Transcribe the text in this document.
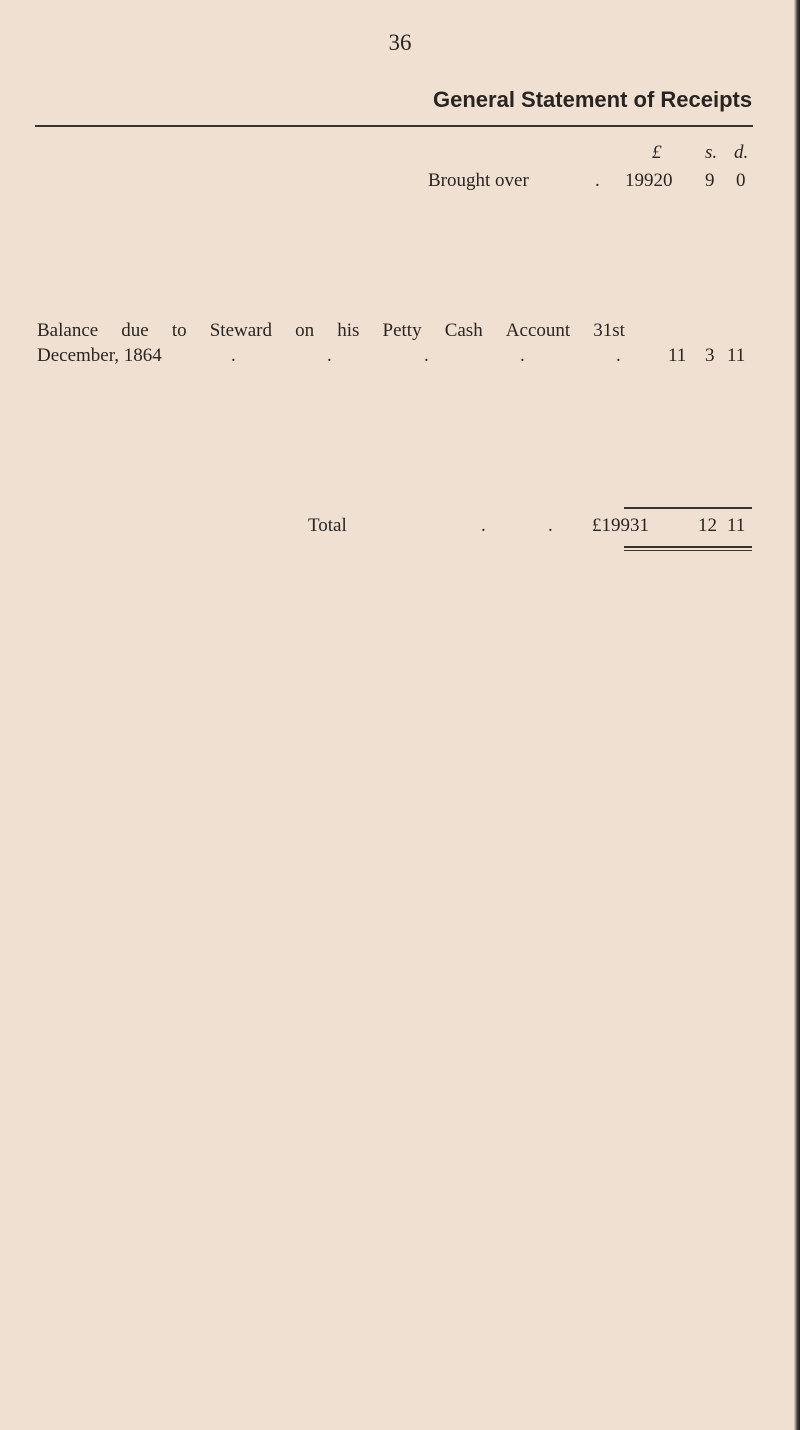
36
General Statement of Receipts
£ s. d.
Brought over	. 19920 9 0
Balance due to Steward on his Petty Cash Account 31st
December, 1864	.	.	.	.	. 11 3 11
Total	.	. £19931	12 11
